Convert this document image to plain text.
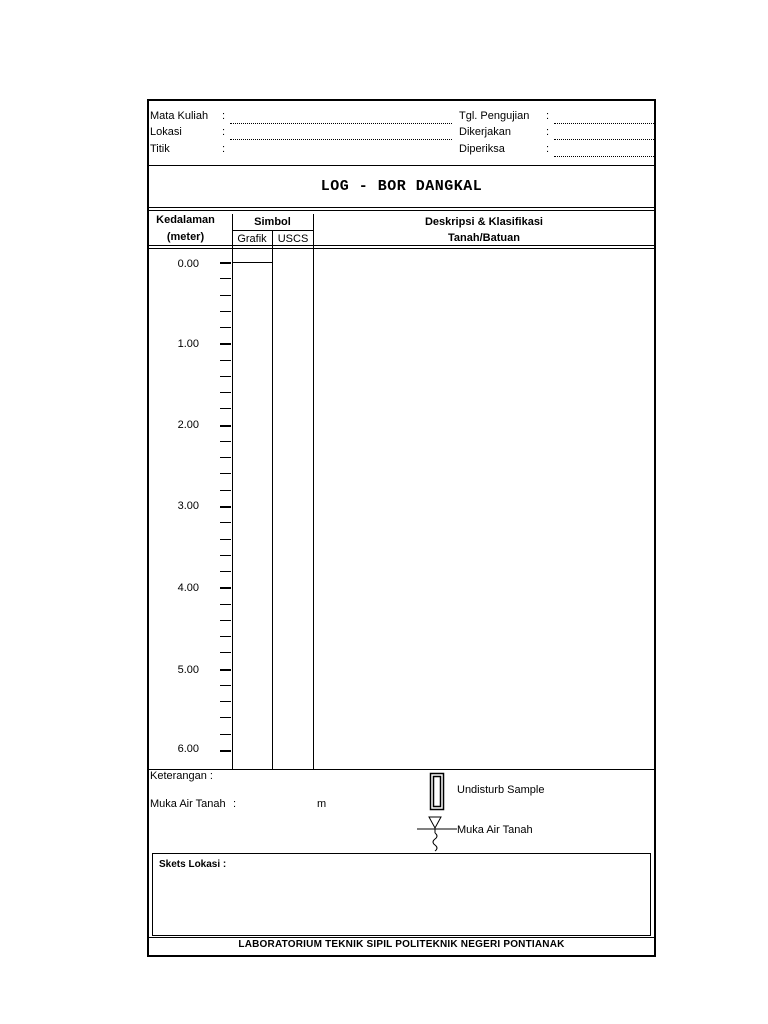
Mata Kuliah :
Lokasi	:
Titik	:
Tgl. Pengujian :
Dikerjakan	:
Diperiksa	:
LOG - BOR DANGKAL
Kedalaman
(meter)
Simbol
Grafik	USCS
Deskripsi & Klasifikasi
Tanah/Batuan
0.00
1.00
2.00
3.00
4.00
5.00
6.00
Keterangan :
Muka Air Tanah :	m
Undisturb Sample
Muka Air Tanah
Skets Lokasi :
LABORATORIUM TEKNIK SIPIL POLITEKNIK NEGERI PONTIANAK
